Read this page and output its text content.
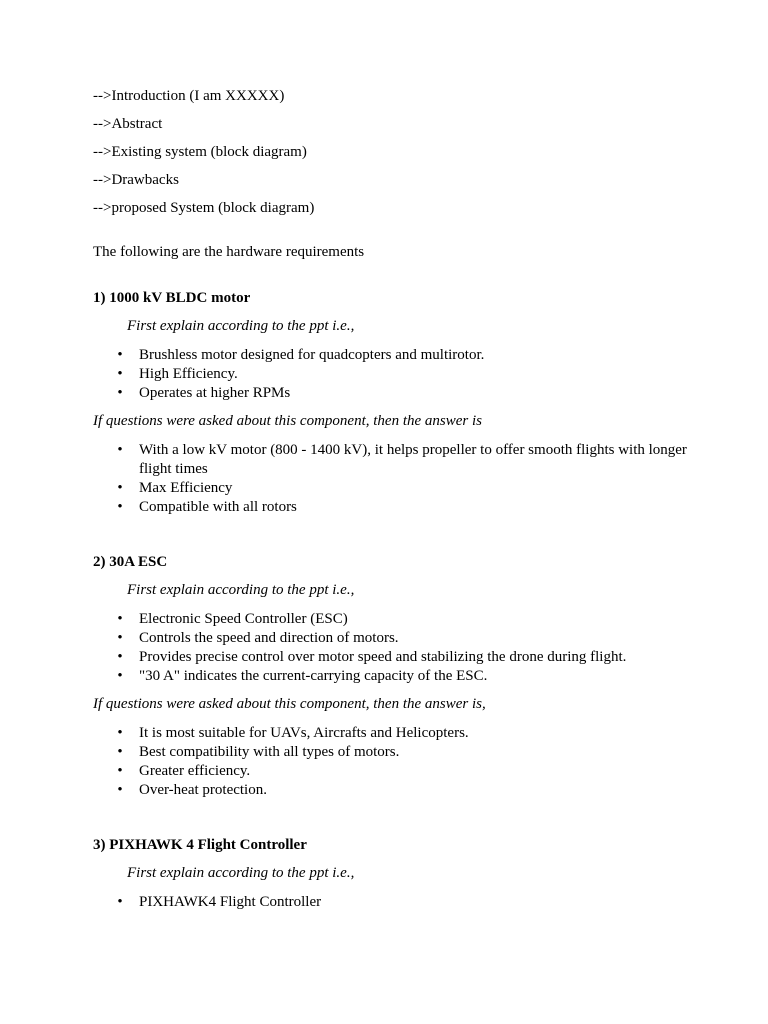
-->Introduction (I am XXXXX)
-->Abstract
-->Existing system (block diagram)
-->Drawbacks
-->proposed System (block diagram)
The following are the hardware requirements
1) 1000 kV BLDC motor
First explain according to the ppt i.e.,
• Brushless motor designed for quadcopters and multirotor.
• High Efficiency.
• Operates at higher RPMs
If questions were asked about this component, then the answer is
• With a low kV motor (800 - 1400 kV), it helps propeller to offer smooth flights with longer flight times
• Max Efficiency
• Compatible with all rotors
2) 30A ESC
First explain according to the ppt i.e.,
• Electronic Speed Controller (ESC)
• Controls the speed and direction of motors.
• Provides precise control over motor speed and stabilizing the drone during flight.
• "30 A" indicates the current-carrying capacity of the ESC.
If questions were asked about this component, then the answer is,
• It is most suitable for UAVs, Aircrafts and Helicopters.
• Best compatibility with all types of motors.
• Greater efficiency.
• Over-heat protection.
3) PIXHAWK 4 Flight Controller
First explain according to the ppt i.e.,
• PIXHAWK4 Flight Controller
